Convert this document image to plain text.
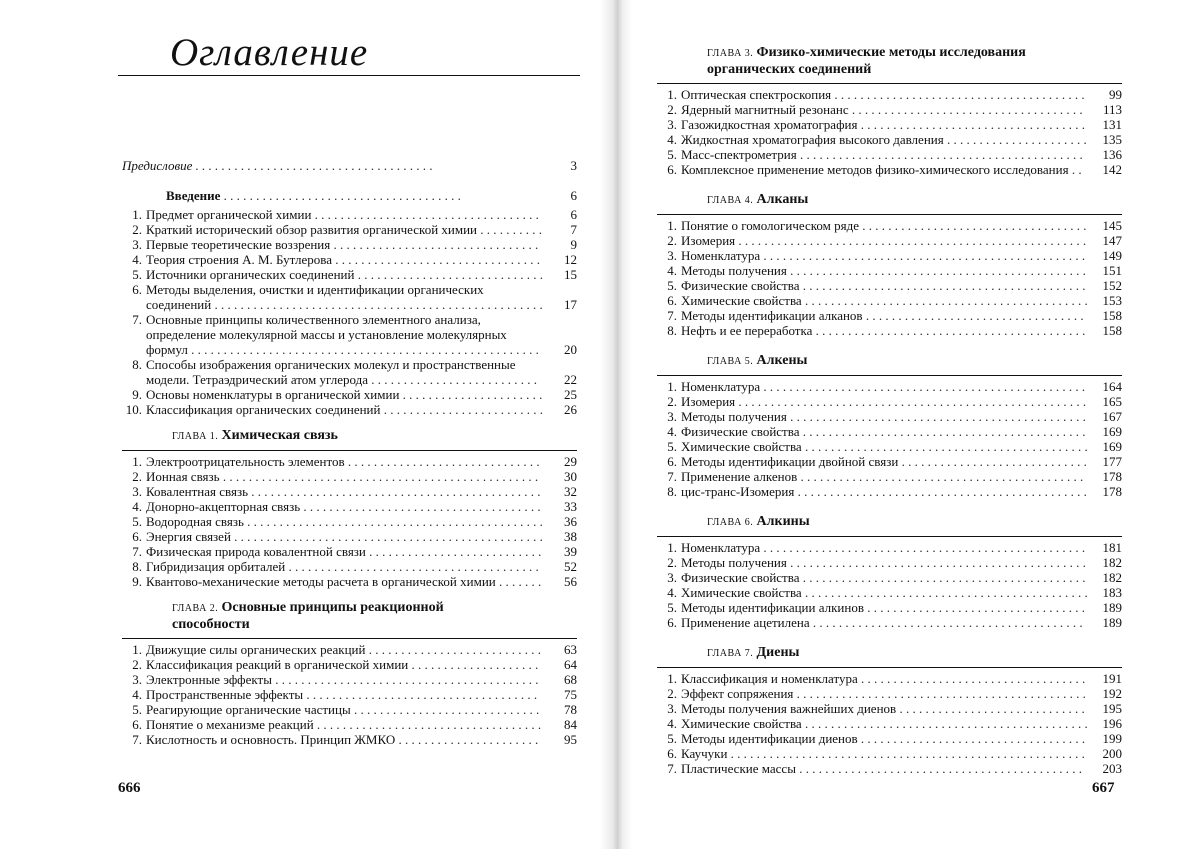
Оглавление
Предисловие . . . . . . . . . . . . . . . . . . . . . . . . . . . . . . . . . . . . .	3
Введение . . . . . . . . . . . . . . . . . . . . . . . . . . . . . . . . . . . . .	6
1. Предмет органической химии . . . . . . . . . . . . . . . . . . . . . . . . . . . . . . . . . . .	6
2. Краткий исторический обзор развития органической химии . . . . . . . . . .	7
3. Первые теоретические воззрения . . . . . . . . . . . . . . . . . . . . . . . . . . . . . . . .	9
4. Теория строения А. М. Бутлерова . . . . . . . . . . . . . . . . . . . . . . . . . . . . . . . .	12
5. Источники органических соединений . . . . . . . . . . . . . . . . . . . . . . . . . . . . .	15
6. Методы выделения, очистки и идентификации органических соединений . . . . . . . . . . . . . . . . . . . . . . . . . . . . . . . . . . . . . . . . . . . . . . . . . . .	17
7. Основные принципы количественного элементного анализа, определение молекулярной массы и установление молекулярных формул . . . . . . . . . . . . . . . . . . . . . . . . . . . . . . . . . . . . . . . . . . . . . . . . . . . . . .	20
8. Способы изображения органических молекул и пространственные модели. Тетраэдрический атом углерода . . . . . . . . . . . . . . . . . . . . . . . . . .	22
9. Основы номенклатуры в органической химии . . . . . . . . . . . . . . . . . . . . . .	25
10. Классификация органических соединений . . . . . . . . . . . . . . . . . . . . . . . . .	26
ГЛАВА 1. Химическая связь
1. Электроотрицательность элементов . . . . . . . . . . . . . . . . . . . . . . . . . . . . . .	29
2. Ионная связь . . . . . . . . . . . . . . . . . . . . . . . . . . . . . . . . . . . . . . . . . . . . . . . . .	30
3. Ковалентная связь . . . . . . . . . . . . . . . . . . . . . . . . . . . . . . . . . . . . . . . . . . . . .	32
4. Донорно-акцепторная связь . . . . . . . . . . . . . . . . . . . . . . . . . . . . . . . . . . . . .	33
5. Водородная связь . . . . . . . . . . . . . . . . . . . . . . . . . . . . . . . . . . . . . . . . . . . . . .	36
6. Энергия связей . . . . . . . . . . . . . . . . . . . . . . . . . . . . . . . . . . . . . . . . . . . . . . . .	38
7. Физическая природа ковалентной связи . . . . . . . . . . . . . . . . . . . . . . . . . . .	39
8. Гибридизация орбиталей . . . . . . . . . . . . . . . . . . . . . . . . . . . . . . . . . . . . . . .	52
9. Квантово-механические методы расчета в органической химии . . . . . . .	56
ГЛАВА 2. Основные принципы реакционной способности
1. Движущие силы органических реакций . . . . . . . . . . . . . . . . . . . . . . . . . . .	63
2. Классификация реакций в органической химии . . . . . . . . . . . . . . . . . . . .	64
3. Электронные эффекты . . . . . . . . . . . . . . . . . . . . . . . . . . . . . . . . . . . . . . . . .	68
4. Пространственные эффекты . . . . . . . . . . . . . . . . . . . . . . . . . . . . . . . . . . . .	75
5. Реагирующие органические частицы . . . . . . . . . . . . . . . . . . . . . . . . . . . . .	78
6. Понятие о механизме реакций . . . . . . . . . . . . . . . . . . . . . . . . . . . . . . . . . . .	84
7. Кислотность и основность. Принцип ЖМКО . . . . . . . . . . . . . . . . . . . . . .	95
666
ГЛАВА 3. Физико-химические методы исследования органических соединений
1. Оптическая спектроскопия . . . . . . . . . . . . . . . . . . . . . . . . . . . . . . . . . . . . . . .	99
2. Ядерный магнитный резонанс . . . . . . . . . . . . . . . . . . . . . . . . . . . . . . . . . . . .	113
3. Газожидкостная хроматография . . . . . . . . . . . . . . . . . . . . . . . . . . . . . . . . . . .	131
4. Жидкостная хроматография высокого давления . . . . . . . . . . . . . . . . . . . . . .	135
5. Масс-спектрометрия . . . . . . . . . . . . . . . . . . . . . . . . . . . . . . . . . . . . . . . . . . . .	136
6. Комплексное применение методов физико-химического исследования . .	142
ГЛАВА 4. Алканы
1. Понятие о гомологическом ряде . . . . . . . . . . . . . . . . . . . . . . . . . . . . . . . . . . .	145
2. Изомерия . . . . . . . . . . . . . . . . . . . . . . . . . . . . . . . . . . . . . . . . . . . . . . . . . . . . . .	147
3. Номенклатура . . . . . . . . . . . . . . . . . . . . . . . . . . . . . . . . . . . . . . . . . . . . . . . . . .	149
4. Методы получения . . . . . . . . . . . . . . . . . . . . . . . . . . . . . . . . . . . . . . . . . . . . . .	151
5. Физические свойства . . . . . . . . . . . . . . . . . . . . . . . . . . . . . . . . . . . . . . . . . . . .	152
6. Химические свойства . . . . . . . . . . . . . . . . . . . . . . . . . . . . . . . . . . . . . . . . . . . .	153
7. Методы идентификации алканов . . . . . . . . . . . . . . . . . . . . . . . . . . . . . . . . . .	158
8. Нефть и ее переработка . . . . . . . . . . . . . . . . . . . . . . . . . . . . . . . . . . . . . . . . . .	158
ГЛАВА 5. Алкены
1. Номенклатура . . . . . . . . . . . . . . . . . . . . . . . . . . . . . . . . . . . . . . . . . . . . . . . . . .	164
2. Изомерия . . . . . . . . . . . . . . . . . . . . . . . . . . . . . . . . . . . . . . . . . . . . . . . . . . . . . .	165
3. Методы получения . . . . . . . . . . . . . . . . . . . . . . . . . . . . . . . . . . . . . . . . . . . . . .	167
4. Физические свойства . . . . . . . . . . . . . . . . . . . . . . . . . . . . . . . . . . . . . . . . . . . .	169
5. Химические свойства . . . . . . . . . . . . . . . . . . . . . . . . . . . . . . . . . . . . . . . . . . . .	169
6. Методы идентификации двойной связи . . . . . . . . . . . . . . . . . . . . . . . . . . . . .	177
7. Применение алкенов . . . . . . . . . . . . . . . . . . . . . . . . . . . . . . . . . . . . . . . . . . . .	178
8. цис-транс-Изомерия . . . . . . . . . . . . . . . . . . . . . . . . . . . . . . . . . . . . . . . . . . . . .	178
ГЛАВА 6. Алкины
1. Номенклатура . . . . . . . . . . . . . . . . . . . . . . . . . . . . . . . . . . . . . . . . . . . . . . . . . .	181
2. Методы получения . . . . . . . . . . . . . . . . . . . . . . . . . . . . . . . . . . . . . . . . . . . . . .	182
3. Физические свойства . . . . . . . . . . . . . . . . . . . . . . . . . . . . . . . . . . . . . . . . . . . .	182
4. Химические свойства . . . . . . . . . . . . . . . . . . . . . . . . . . . . . . . . . . . . . . . . . . . .	183
5. Методы идентификации алкинов . . . . . . . . . . . . . . . . . . . . . . . . . . . . . . . . . .	189
6. Применение ацетилена . . . . . . . . . . . . . . . . . . . . . . . . . . . . . . . . . . . . . . . . . .	189
ГЛАВА 7. Диены
1. Классификация и номенклатура . . . . . . . . . . . . . . . . . . . . . . . . . . . . . . . . . . .	191
2. Эффект сопряжения . . . . . . . . . . . . . . . . . . . . . . . . . . . . . . . . . . . . . . . . . . . . .	192
3. Методы получения важнейших диенов . . . . . . . . . . . . . . . . . . . . . . . . . . . . .	195
4. Химические свойства . . . . . . . . . . . . . . . . . . . . . . . . . . . . . . . . . . . . . . . . . . . .	196
5. Методы идентификации диенов . . . . . . . . . . . . . . . . . . . . . . . . . . . . . . . . . . .	199
6. Каучуки . . . . . . . . . . . . . . . . . . . . . . . . . . . . . . . . . . . . . . . . . . . . . . . . . . . . . . .	200
7. Пластические массы . . . . . . . . . . . . . . . . . . . . . . . . . . . . . . . . . . . . . . . . . . . .	203
667
